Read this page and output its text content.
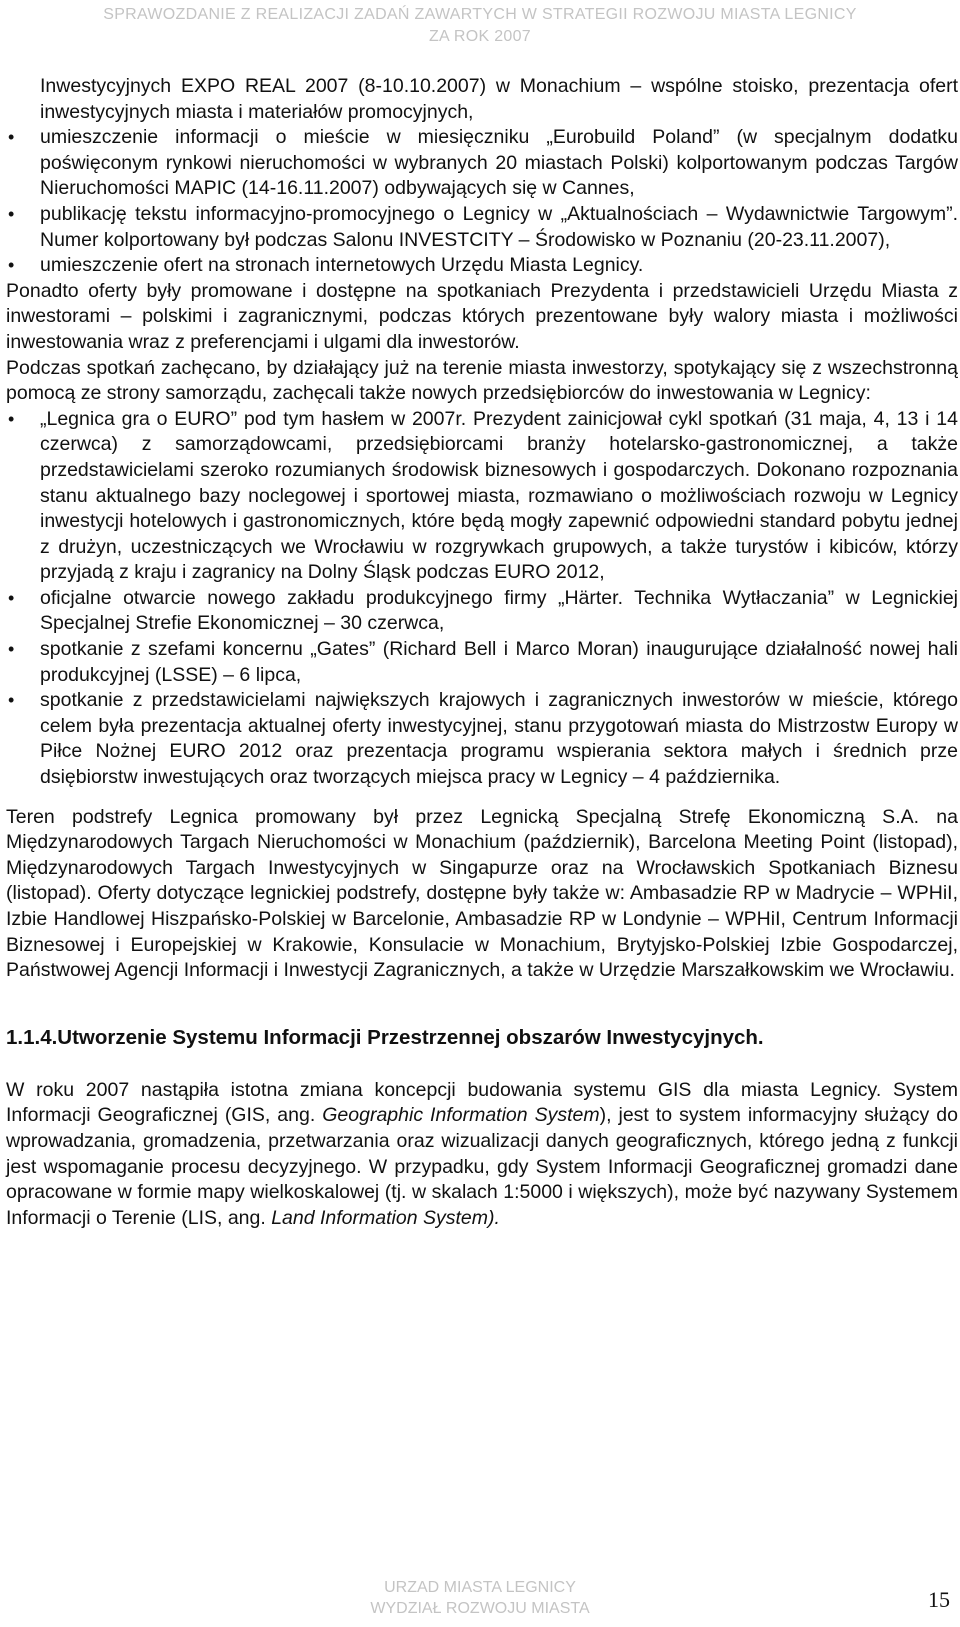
SPRAWOZDANIE Z REALIZACJI ZADAŃ ZAWARTYCH W STRATEGII ROZWOJU MIASTA LEGNICY
ZA ROK 2007

Inwestycyjnych EXPO REAL 2007 (8-10.10.2007) w Monachium – wspólne stoisko, prezentacja ofert inwestycyjnych miasta i materiałów promocyjnych,

•	umieszczenie informacji o mieście w miesięczniku „Eurobuild Poland” (w specjalnym dodatku poświęconym rynkowi nieruchomości w wybranych 20 miastach Polski) kolportowanym podczas Targów Nieruchomości MAPIC (14-16.11.2007) odbywających się w Cannes,
•	publikację tekstu informacyjno-promocyjnego o Legnicy w „Aktualnościach – Wydawnictwie Targowym”. Numer kolportowany był podczas Salonu INVESTCITY – Środowisko w Poznaniu (20-23.11.2007),
•	umieszczenie ofert na stronach internetowych Urzędu Miasta Legnicy.

Ponadto oferty były promowane i dostępne na spotkaniach Prezydenta i przedstawicieli Urzędu Miasta z inwestorami – polskimi i zagranicznymi, podczas których prezentowane były walory miasta i możliwości inwestowania wraz z preferencjami i ulgami dla inwestorów.

Podczas spotkań zachęcano, by działający już na terenie miasta inwestorzy, spotykający się z wszechstronną pomocą ze strony samorządu, zachęcali także nowych przedsiębiorców do inwestowania w Legnicy:

•	„Legnica gra o EURO” pod tym hasłem w 2007r. Prezydent zainicjował cykl spotkań (31 maja, 4, 13 i 14 czerwca) z samorządowcami, przedsiębiorcami branży hotelarsko-gastronomicznej, a także przedstawicielami szeroko rozumianych środowisk biznesowych i gospodarczych. Dokonano rozpoznania stanu aktualnego bazy noclegowej i sportowej miasta, rozmawiano o możliwościach rozwoju w Legnicy inwestycji hotelowych i gastronomicznych, które będą mogły zapewnić odpowiedni standard pobytu jednej z drużyn, uczestniczących we Wrocławiu w rozgrywkach grupowych, a także turystów i kibiców, którzy przyjadą z kraju i zagranicy na Dolny Śląsk podczas EURO 2012,
•	oficjalne otwarcie nowego zakładu produkcyjnego firmy „Härter. Technika Wytłaczania” w Legnickiej Specjalnej Strefie Ekonomicznej – 30 czerwca,
•	spotkanie z szefami koncernu „Gates” (Richard Bell i Marco Moran) inaugurujące działalność nowej hali produkcyjnej (LSSE) – 6 lipca,
•	spotkanie z przedstawicielami największych krajowych i zagranicznych inwestorów w mieście, którego celem była prezentacja aktualnej oferty inwestycyjnej, stanu przygotowań miasta do Mistrzostw Europy w Piłce Nożnej EURO 2012 oraz prezentacja programu wspierania sektora małych i średnich prze dsiębiorstw inwestujących oraz tworzących miejsca pracy w Legnicy – 4 października.

Teren podstrefy Legnica promowany był przez Legnicką Specjalną Strefę Ekonomiczną S.A. na Międzynarodowych Targach Nieruchomości w Monachium (październik), Barcelona Meeting Point (listopad), Międzynarodowych Targach Inwestycyjnych w Singapurze oraz na Wrocławskich Spotkaniach Biznesu (listopad). Oferty dotyczące legnickiej podstrefy, dostępne były także w: Ambasadzie RP w Madrycie – WPHiI, Izbie Handlowej Hiszpańsko-Polskiej w Barcelonie, Ambasadzie RP w Londynie – WPHiI, Centrum Informacji Biznesowej i Europejskiej w Krakowie, Konsulacie w Monachium, Brytyjsko-Polskiej Izbie Gospodarczej, Państwowej Agencji Informacji i Inwestycji Zagranicznych, a także w Urzędzie Marszałkowskim we Wrocławiu.

1.1.4.Utworzenie Systemu Informacji Przestrzennej obszarów Inwestycyjnych.

W roku 2007 nastąpiła istotna zmiana koncepcji budowania systemu GIS dla miasta Legnicy. System Informacji Geograficznej (GIS, ang. Geographic Information System), jest to system informacyjny służący do wprowadzania, gromadzenia, przetwarzania oraz wizualizacji danych geograficznych, którego jedną z funkcji jest wspomaganie procesu decyzyjnego. W przypadku, gdy System Informacji Geograficznej gromadzi dane opracowane w formie mapy wielkoskalowej (tj. w skalach 1:5000 i większych), może być nazywany Systemem Informacji o Terenie (LIS, ang. Land Information System).

URZAD MIASTA LEGNICY
WYDZIAŁ ROZWOJU MIASTA	15
